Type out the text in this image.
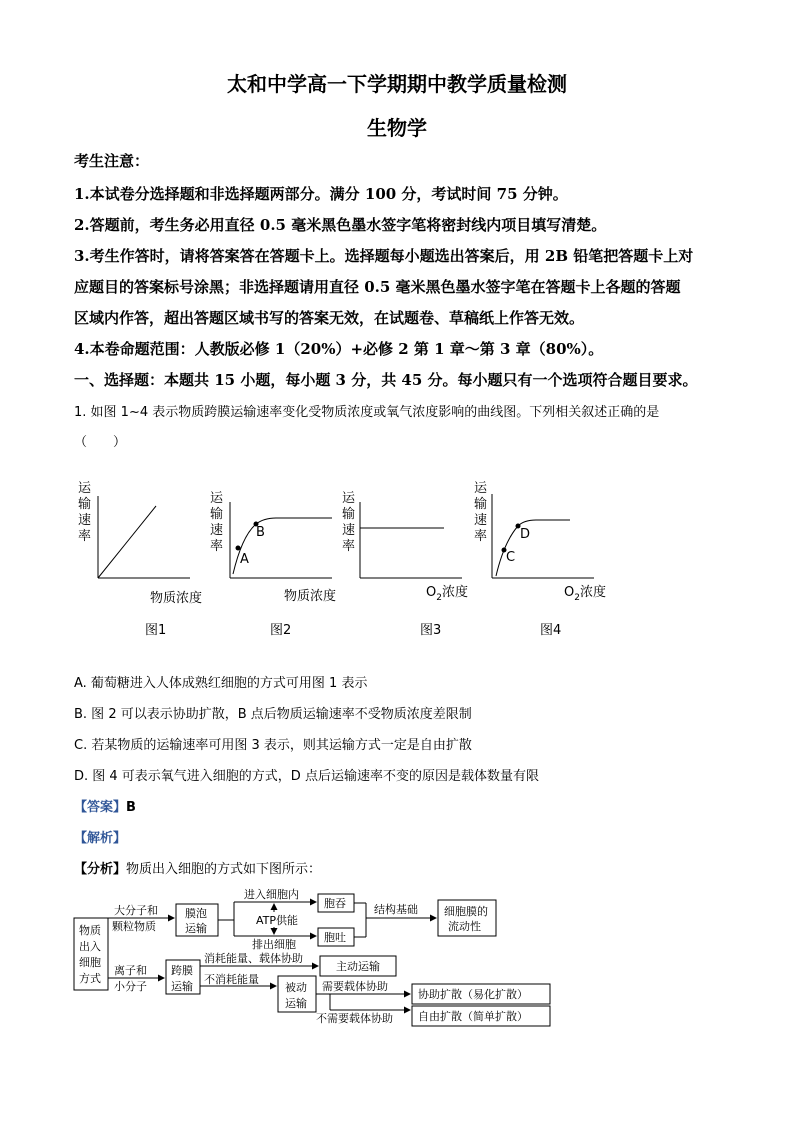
太和中学高一下学期期中教学质量检测
生物学
考生注意：
1.本试卷分选择题和非选择题两部分。满分 100 分，考试时间 75 分钟。
2.答题前，考生务必用直径 0.5 毫米黑色墨水签字笔将密封线内项目填写清楚。
3.考生作答时，请将答案答在答题卡上。选择题每小题选出答案后，用 2B 铅笔把答题卡上对
应题目的答案标号涂黑；非选择题请用直径 0.5 毫米黑色墨水签字笔在答题卡上各题的答题
区域内作答，超出答题区域书写的答案无效，在试题卷、草稿纸上作答无效。
4.本卷命题范围：人教版必修 1（20%）+必修 2 第 1 章～第 3 章（80%）。
一、选择题：本题共 15 小题，每小题 3 分，共 45 分。每小题只有一个选项符合题目要求。
1. 如图 1~4 表示物质跨膜运输速率变化受物质浓度或氧气浓度影响的曲线图。下列相关叙述正确的是
（　　）
运
输
速
率
物质浓度
图1
运
输
速
率
A
B
物质浓度
图2
运
输
速
率
$O_2$浓度
图3
运
输
速
率
C
D
$O_2$浓度
图4
A. 葡萄糖进入人体成熟红细胞的方式可用图 1 表示
B. 图 2 可以表示协助扩散，B 点后物质运输速率不受物质浓度差限制
C. 若某物质的运输速率可用图 3 表示，则其运输方式一定是自由扩散
D. 图 4 可表示氧气进入细胞的方式，D 点后运输速率不变的原因是载体数量有限
【答案】B
【解析】
【分析】物质出入细胞的方式如下图所示：
物质
出入
细胞
方式
大分子和
颗粒物质
膜泡
运输
进入细胞内
ATP供能
排出细胞
胞吞
胞吐
结构基础 细胞膜的
流动性
离子和
小分子
跨膜
运输
消耗能量、载体协助
主动运输
不消耗能量
被动
运输
需要载体协助
不需要载体协助
协助扩散（易化扩散）
自由扩散（简单扩散）
